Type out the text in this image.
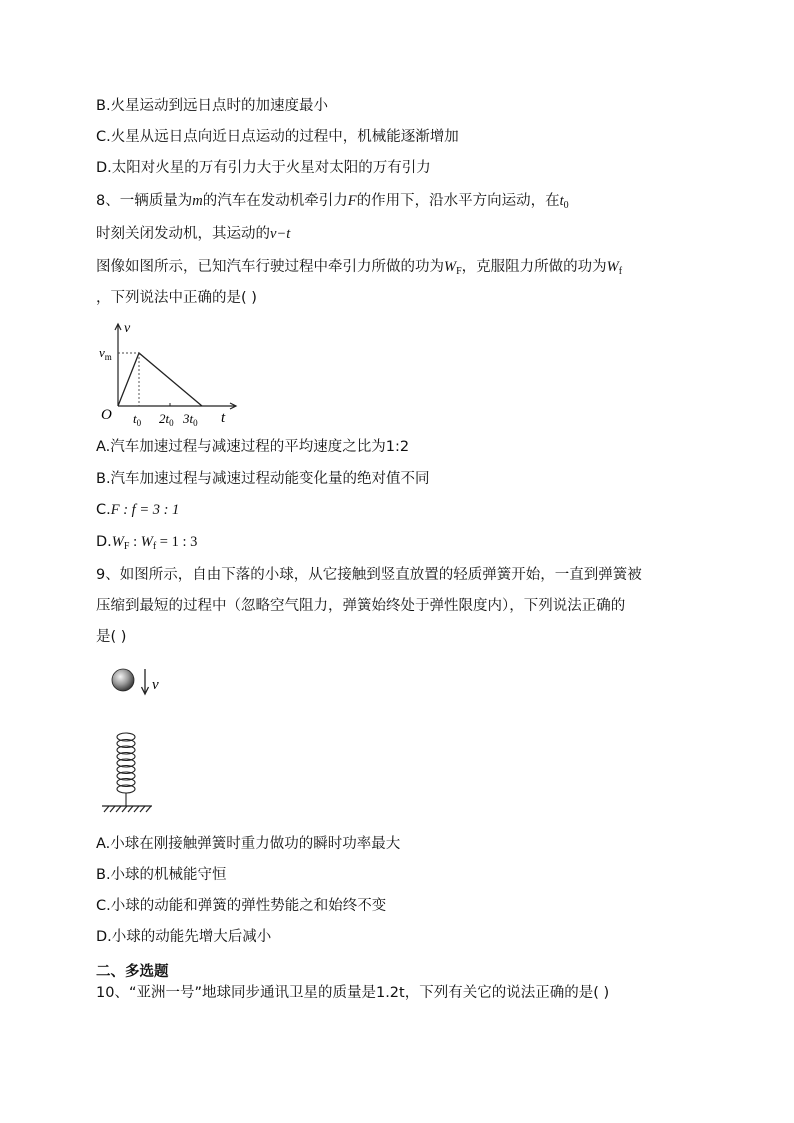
B.火星运动到远日点时的加速度最小
C.火星从远日点向近日点运动的过程中，机械能逐渐增加
D.太阳对火星的万有引力大于火星对太阳的万有引力
8、一辆质量为m的汽车在发动机牵引力F的作用下，沿水平方向运动，在$t_0$
时刻关闭发动机，其运动的v−t
图像如图所示，已知汽车行驶过程中牵引力所做的功为$W_F$，克服阻力所做的功为$W_f$
，下列说法中正确的是( )
v
$v_m$
O	t
$t_0$ $2t_0$ $3t_0$
A.汽车加速过程与减速过程的平均速度之比为1:2
B.汽车加速过程与减速过程动能变化量的绝对值不同
C.F : f = 3 : 1
$D.W_F$ : $W_f = 1$ : 3
9、如图所示，自由下落的小球，从它接触到竖直放置的轻质弹簧开始，一直到弹簧被
压缩到最短的过程中（忽略空气阻力，弹簧始终处于弹性限度内），下列说法正确的
是( )
v
A.小球在刚接触弹簧时重力做功的瞬时功率最大
B.小球的机械能守恒
C.小球的动能和弹簧的弹性势能之和始终不变
D.小球的动能先增大后减小
二、多选题
10、“亚洲一号”地球同步通讯卫星的质量是1.2t，下列有关它的说法正确的是( )
